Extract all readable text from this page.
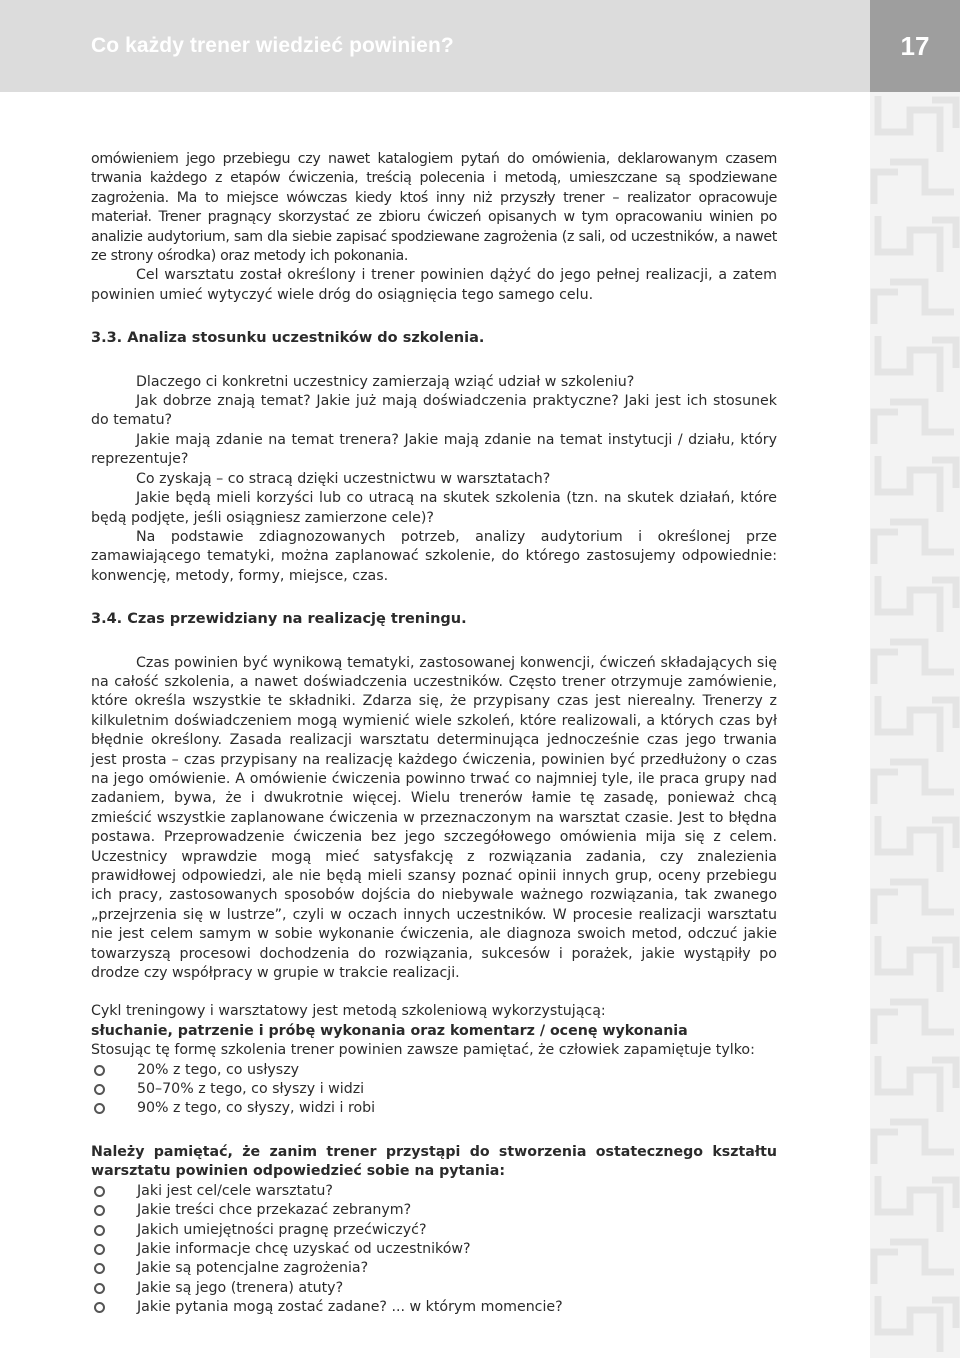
Co każdy trener wiedzieć powinien?	17

omówieniem jego przebiegu czy nawet katalogiem pytań do omówienia, deklarowanym czasem trwania każdego z etapów ćwiczenia, treścią polecenia i metodą, umieszczane są spodziewane zagrożenia. Ma to miejsce wówczas kiedy ktoś inny niż przyszły trener – realizator opracowuje materiał. Trener pragnący skorzystać ze zbioru ćwiczeń opisanych w tym opracowaniu winien po analizie audytorium, sam dla siebie zapisać spodziewane zagrożenia (z sali, od uczestników, a nawet ze strony ośrodka) oraz metody ich pokonania.

Cel warsztatu został określony i trener powinien dążyć do jego pełnej realizacji, a zatem powinien umieć wytyczyć wiele dróg do osiągnięcia tego samego celu.

3.3. Analiza stosunku uczestników do szkolenia.

Dlaczego ci konkretni uczestnicy zamierzają wziąć udział w szkoleniu?

Jak dobrze znają temat? Jakie już mają doświadczenia praktyczne? Jaki jest ich stosunek do tematu?

Jakie mają zdanie na temat trenera? Jakie mają zdanie na temat instytucji / działu, który reprezentuje?

Co zyskają – co stracą dzięki uczestnictwu w warsztatach?

Jakie będą mieli korzyści lub co utracą na skutek szkolenia (tzn. na skutek działań, które będą podjęte, jeśli osiągniesz zamierzone cele)?

Na podstawie zdiagnozowanych potrzeb, analizy audytorium i określonej prze zamawiającego tematyki, można zaplanować szkolenie, do którego zastosujemy odpowiednie: konwencję, metody, formy, miejsce, czas.

3.4. Czas przewidziany na realizację treningu.

Czas powinien być wynikową tematyki, zastosowanej konwencji, ćwiczeń składających się na całość szkolenia, a nawet doświadczenia uczestników. Często trener otrzymuje zamówienie, które określa wszystkie te składniki. Zdarza się, że przypisany czas jest nierealny. Trenerzy z kilkuletnim doświadczeniem mogą wymienić wiele szkoleń, które realizowali, a których czas był błędnie określony. Zasada realizacji warsztatu determinująca jednocześnie czas jego trwania jest prosta – czas przypisany na realizację każdego ćwiczenia, powinien być przedłużony o czas na jego omówienie. A omówienie ćwiczenia powinno trwać co najmniej tyle, ile praca grupy nad zadaniem, bywa, że i dwukrotnie więcej. Wielu trenerów łamie tę zasadę, ponieważ chcą zmieścić wszystkie zaplanowane ćwiczenia w przeznaczonym na warsztat czasie. Jest to błędna postawa. Przeprowadzenie ćwiczenia bez jego szczegółowego omówienia mija się z celem. Uczestnicy wprawdzie mogą mieć satysfakcję z rozwiązania zadania, czy znalezienia prawidłowej odpowiedzi, ale nie będą mieli szansy poznać opinii innych grup, oceny przebiegu ich pracy, zastosowanych sposobów dojścia do niebywale ważnego rozwiązania, tak zwanego „przejrzenia się w lustrze”, czyli w oczach innych uczestników. W procesie realizacji warsztatu nie jest celem samym w sobie wykonanie ćwiczenia, ale diagnoza swoich metod, odczuć jakie towarzyszą procesowi dochodzenia do rozwiązania, sukcesów i porażek, jakie wystąpiły po drodze czy współpracy w grupie w trakcie realizacji.

Cykl treningowy i warsztatowy jest metodą szkoleniową wykorzystującą:

słuchanie, patrzenie i próbę wykonania oraz komentarz / ocenę wykonania

Stosując tę formę szkolenia trener powinien zawsze pamiętać, że człowiek zapamiętuje tylko:

20% z tego, co usłyszy
50–70% z tego, co słyszy i widzi
90% z tego, co słyszy, widzi i robi

Należy pamiętać, że zanim trener przystąpi do stworzenia ostatecznego kształtu warsztatu powinien odpowiedzieć sobie na pytania:

Jaki jest cel/cele warsztatu?
Jakie treści chce przekazać zebranym?
Jakich umiejętności pragnę przećwiczyć?
Jakie informacje chcę uzyskać od uczestników?
Jakie są potencjalne zagrożenia?
Jakie są jego (trenera) atuty?
Jakie pytania mogą zostać zadane? ... w którym momencie?
